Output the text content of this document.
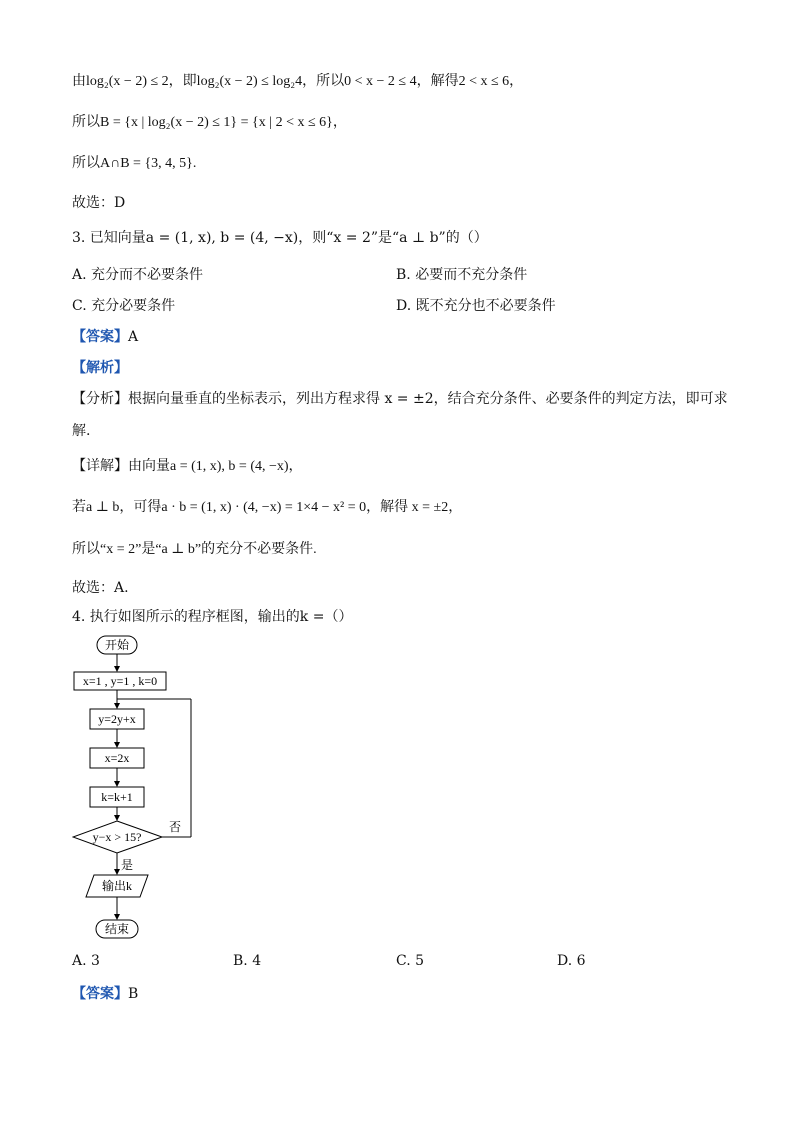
由log₂(x − 2) ≤ 2，即log₂(x − 2) ≤ log₂4，所以0 < x − 2 ≤ 4，解得2 < x ≤ 6，
所以B = {x | log₂(x − 2) ≤ 1} = {x | 2 < x ≤ 6}，
所以A∩B = {3, 4, 5}.
故选：D
3. 已知向量a = (1, x), b = (4, −x)，则“x = 2”是“a ⊥ b”的（）
A. 充分而不必要条件	B. 必要而不充分条件
C. 充分必要条件	D. 既不充分也不必要条件
【答案】A
【解析】
【分析】根据向量垂直的坐标表示，列出方程求得 x = ±2，结合充分条件、必要条件的判定方法，即可求
解.
【详解】由向量a = (1, x), b = (4, −x)，
若a ⊥ b，可得a · b = (1, x) · (4, −x) = 1×4 − x² = 0，解得 x = ±2，
所以“x = 2”是“a ⊥ b”的充分不必要条件.
故选：A.
4. 执行如图所示的程序框图，输出的k =（）
开始
x=1 , y=1 , k=0
y=2y+x
x=2x
k=k+1
y−x > 15?
否
是
输出k
结束
A. 3	B. 4	C. 5	D. 6
【答案】B
